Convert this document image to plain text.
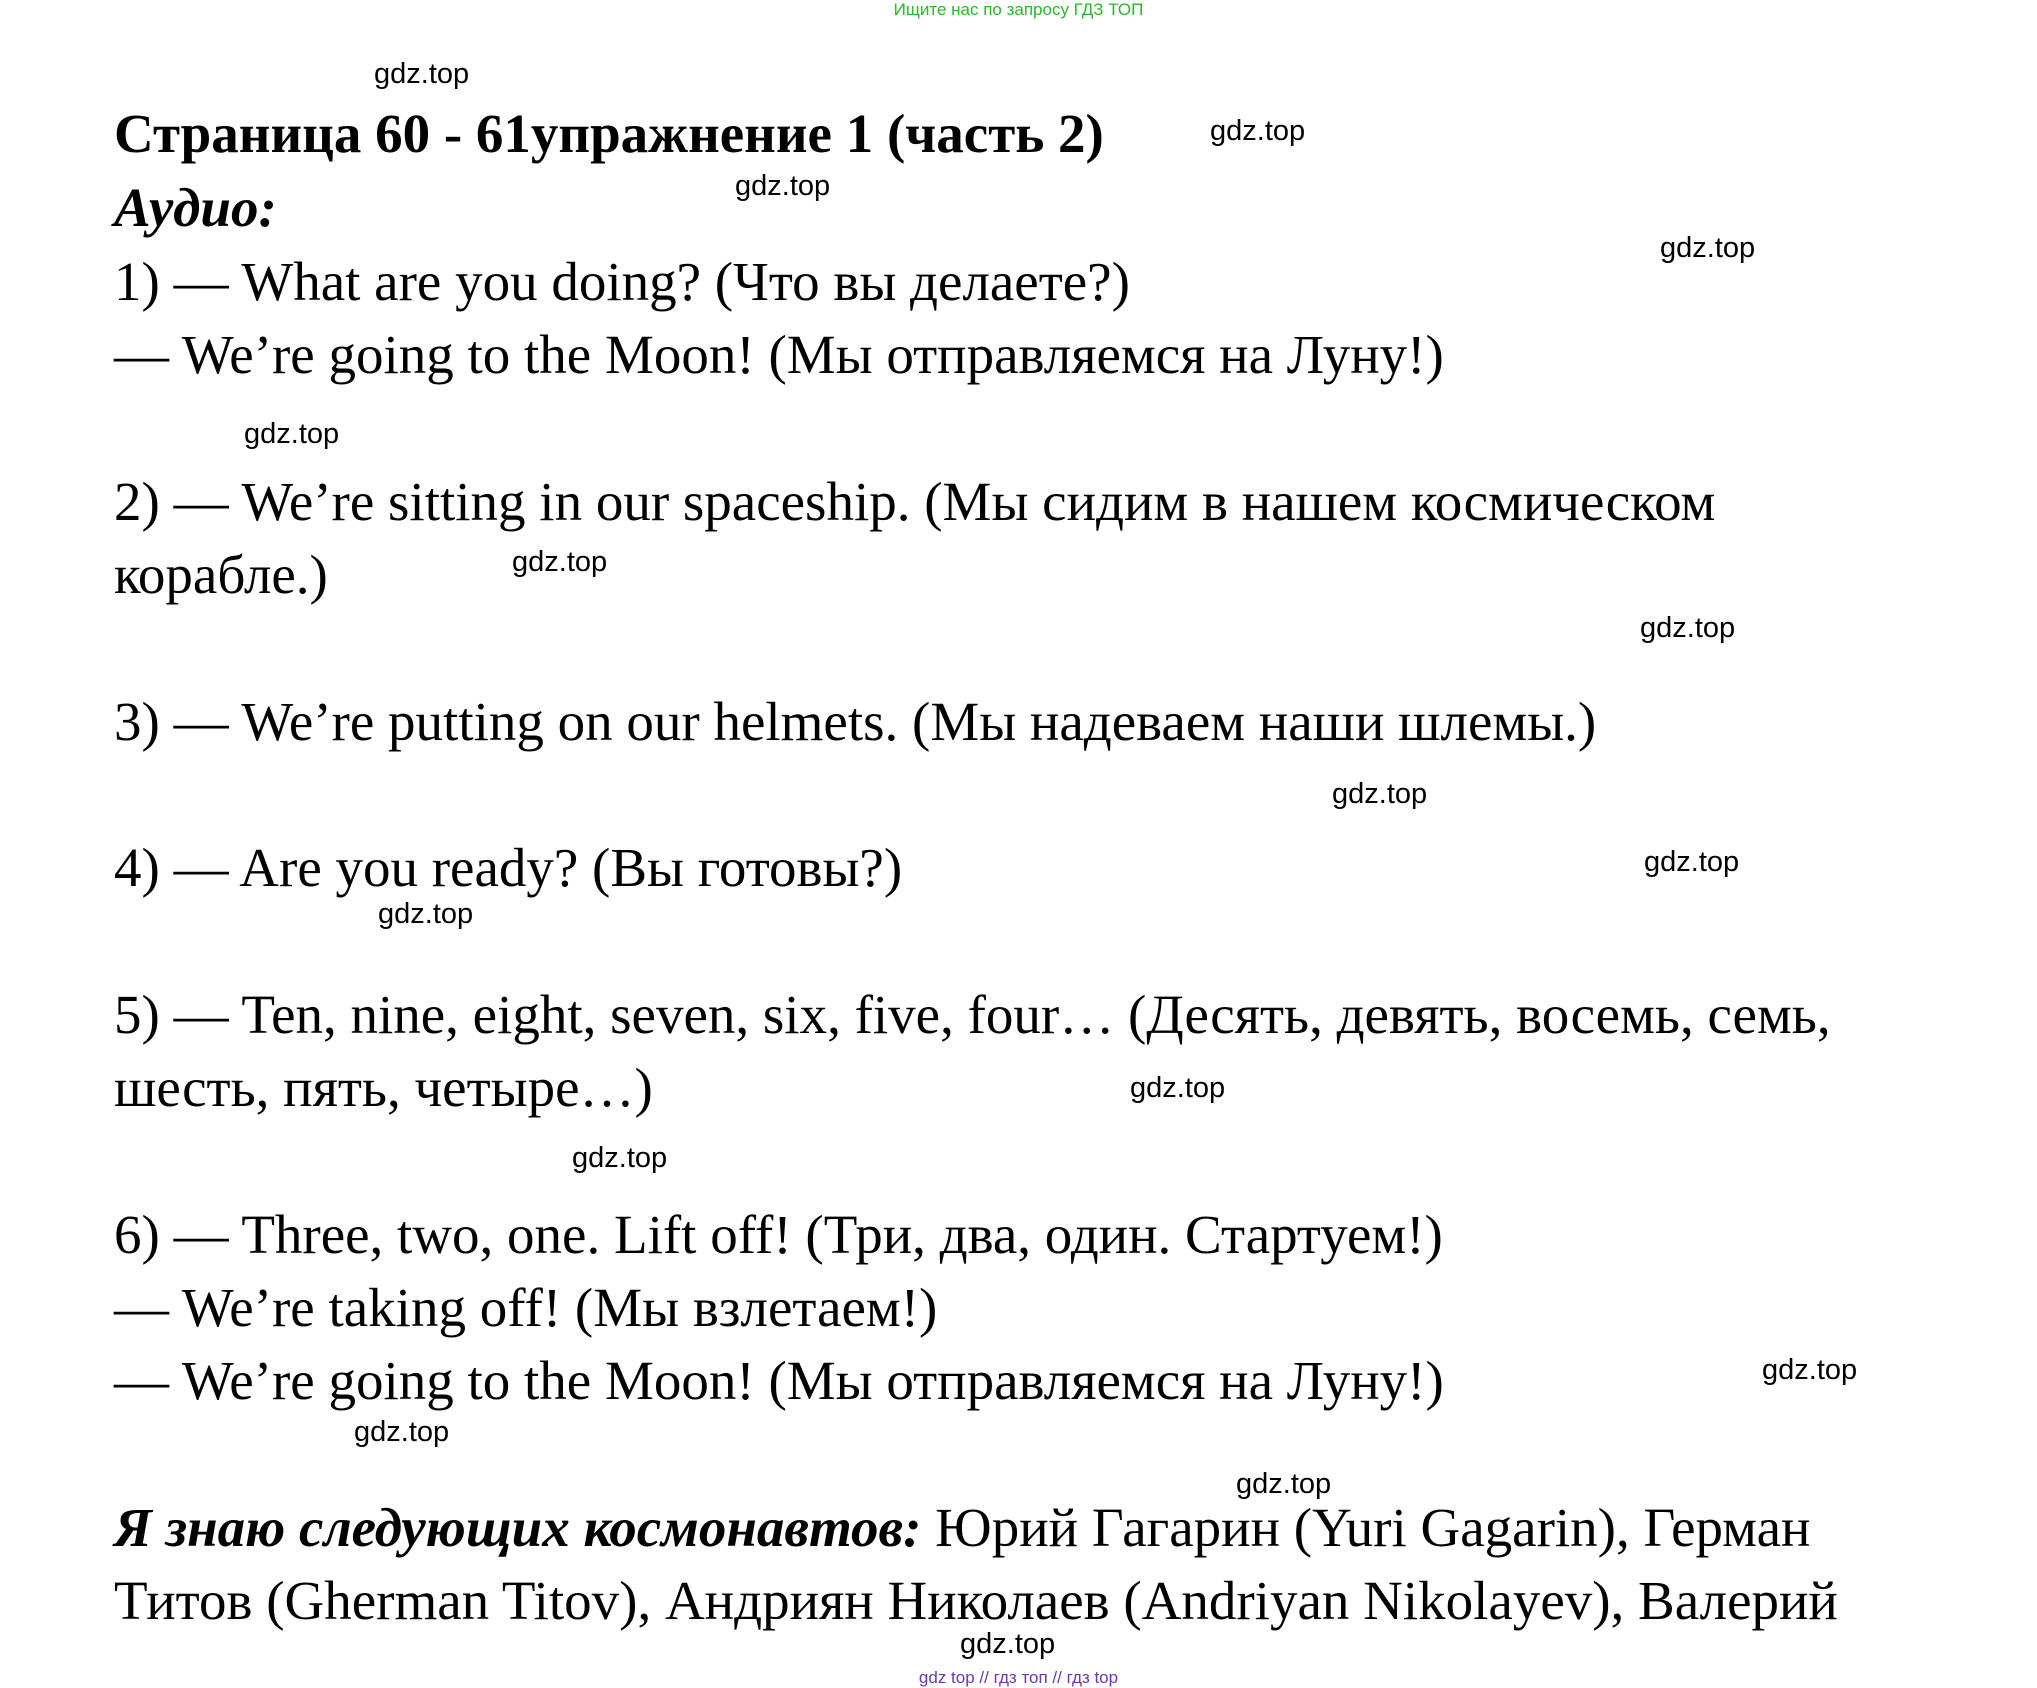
Ищите нас по запросу ГДЗ ТОП
Страница 60 - 61упражнение 1 (часть 2)
Аудио:
1) — What are you doing? (Что вы делаете?)
— We’re going to the Moon! (Мы отправляемся на Луну!)
2) — We’re sitting in our spaceship. (Мы сидим в нашем космическом
корабле.)
3) — We’re putting on our helmets. (Мы надеваем наши шлемы.)
4) — Are you ready? (Вы готовы?)
5) — Ten, nine, eight, seven, six, five, four… (Десять, девять, восемь, семь,
шесть, пять, четыре…)
6) — Three, two, one. Lift off! (Три, два, один. Стартуем!)
— We’re taking off! (Мы взлетаем!)
— We’re going to the Moon! (Мы отправляемся на Луну!)
Я знаю следующих космонавтов: Юрий Гагарин (Yuri Gagarin), Герман
Титов (Gherman Titov), Андриян Николаев (Andriyan Nikolayev), Валерий
gdz.top
gdz.top
gdz.top
gdz.top
gdz.top
gdz.top
gdz.top
gdz.top
gdz.top
gdz.top
gdz.top
gdz.top
gdz.top
gdz.top
gdz.top
gdz.top
gdz top // гдз топ // гдз top
